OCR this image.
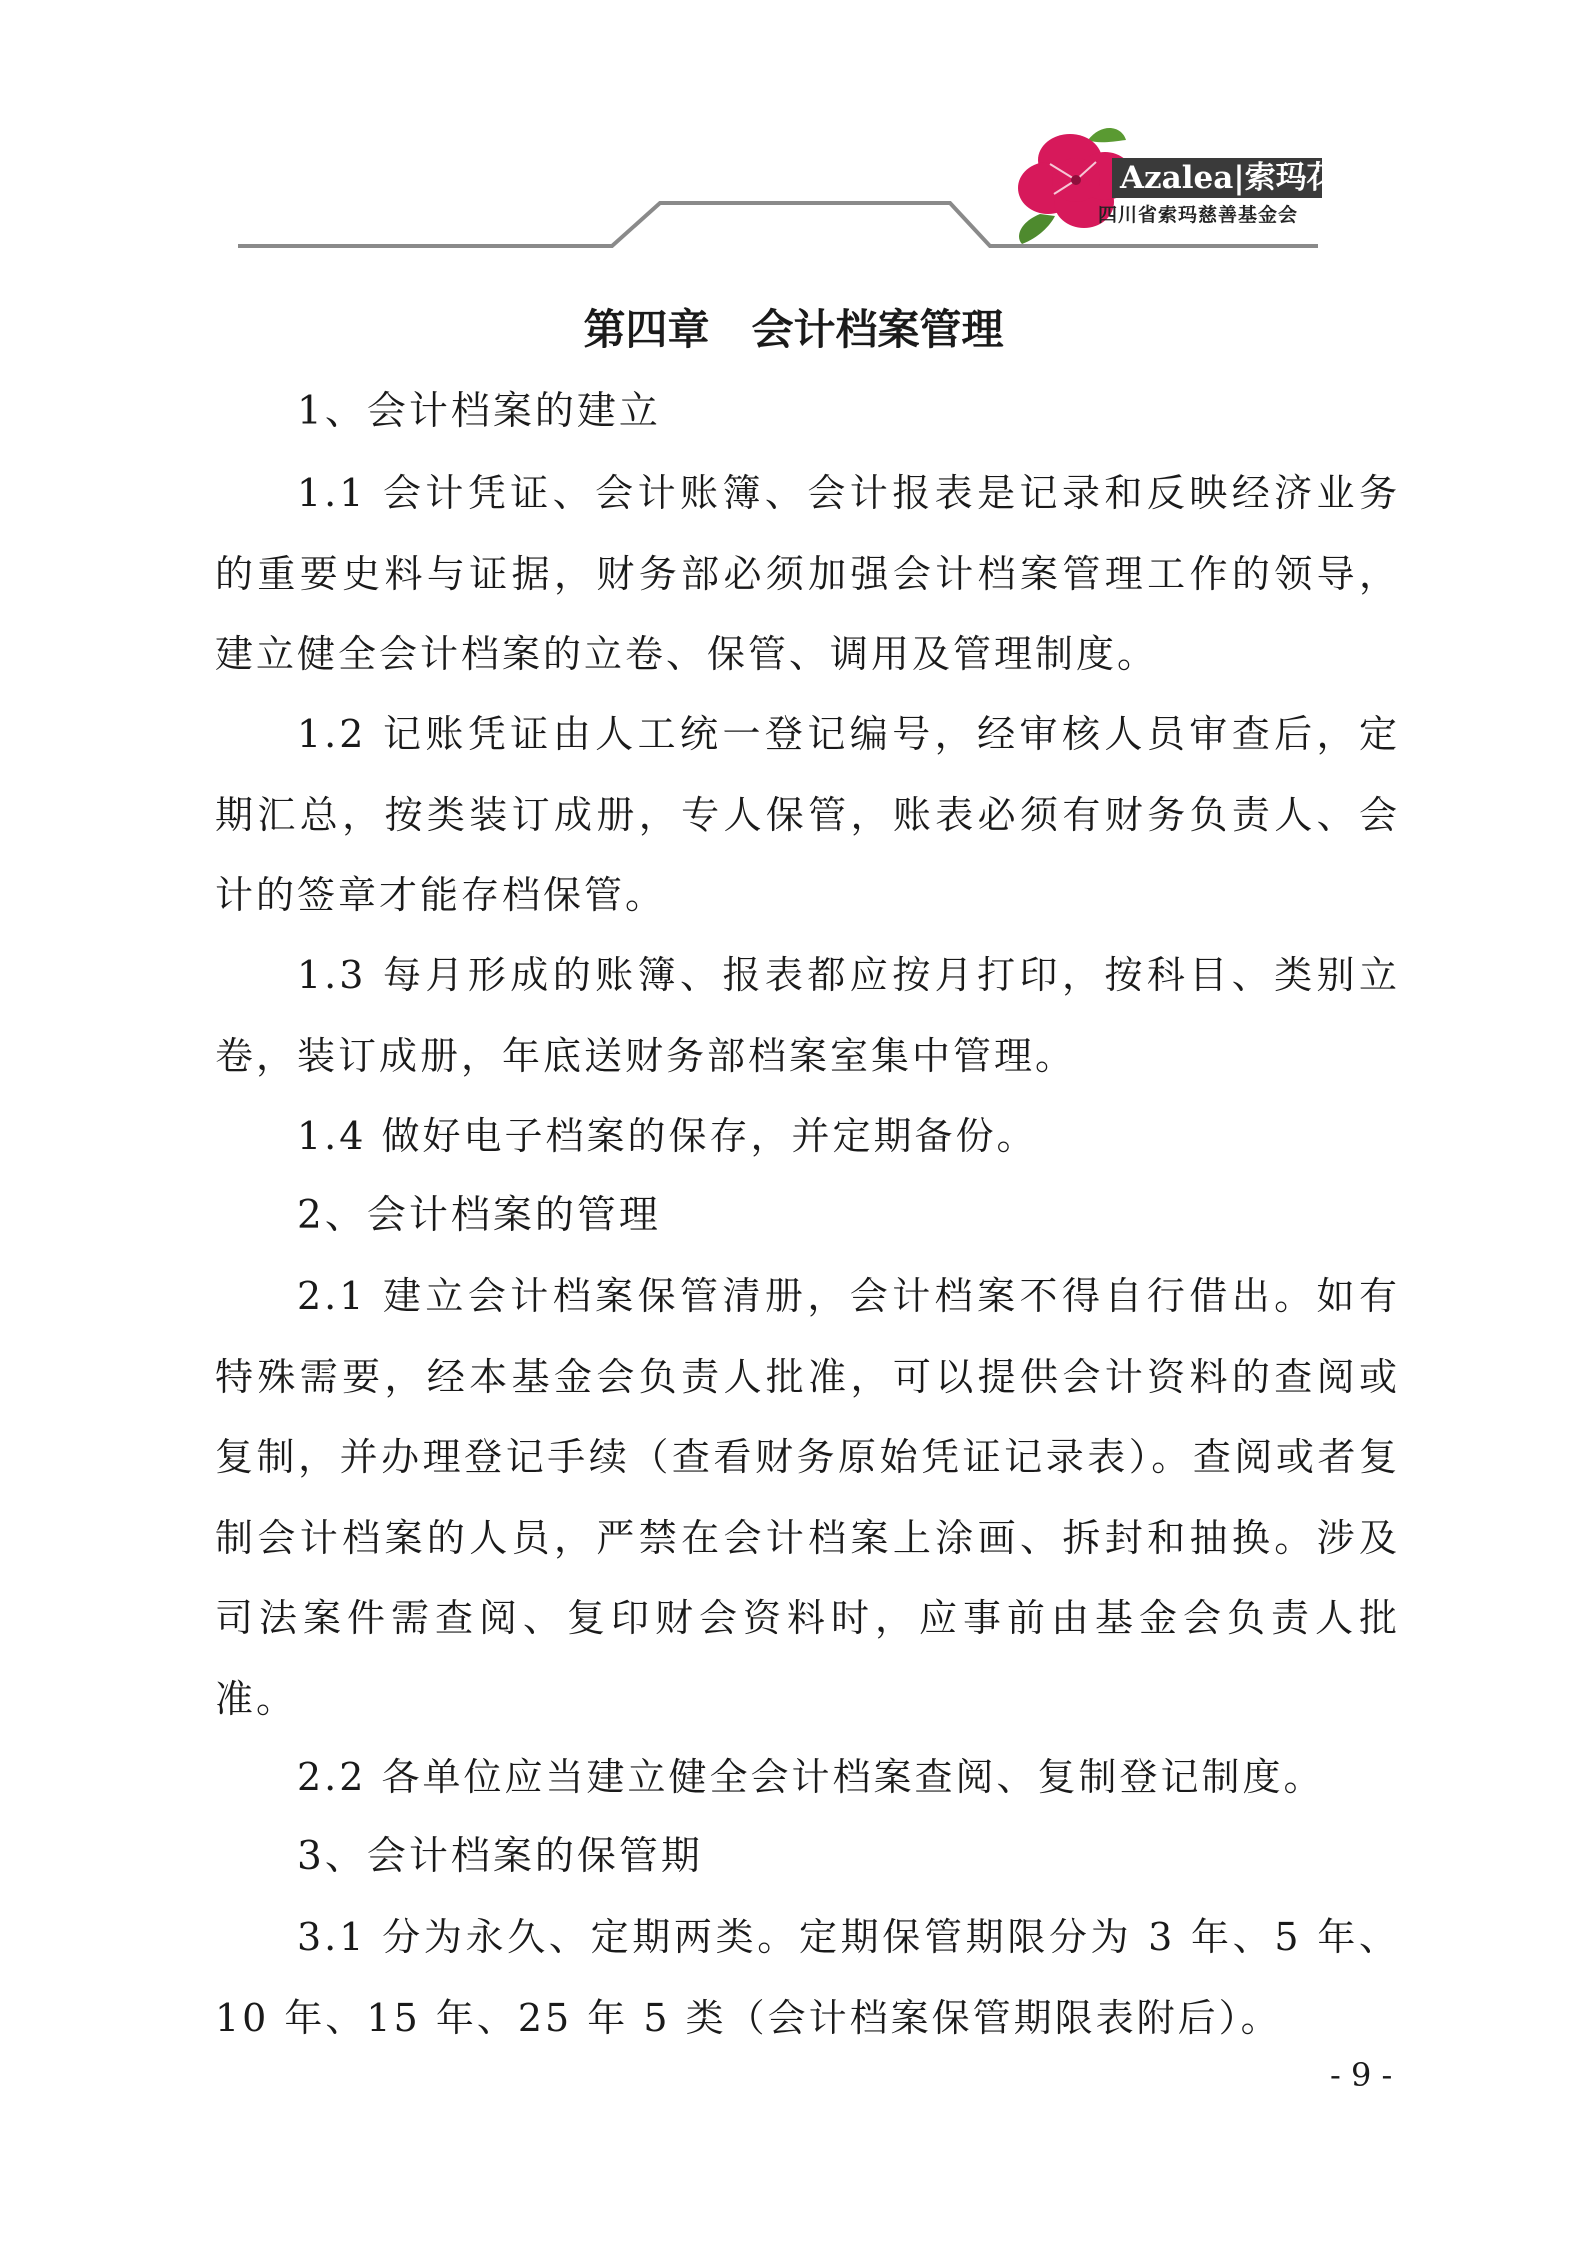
Azalea|索玛花
四川省索玛慈善基金会
第四章　会计档案管理
1、会计档案的建立
1.1 会计凭证、会计账簿、会计报表是记录和反映经济业务的重要史料与证据，财务部必须加强会计档案管理工作的领导，建立健全会计档案的立卷、保管、调用及管理制度。
1.2 记账凭证由人工统一登记编号，经审核人员审查后，定期汇总，按类装订成册，专人保管，账表必须有财务负责人、会计的签章才能存档保管。
1.3 每月形成的账簿、报表都应按月打印，按科目、类别立卷，装订成册，年底送财务部档案室集中管理。
1.4 做好电子档案的保存，并定期备份。
2、会计档案的管理
2.1 建立会计档案保管清册，会计档案不得自行借出。如有特殊需要，经本基金会负责人批准，可以提供会计资料的查阅或复制，并办理登记手续（查看财务原始凭证记录表）。查阅或者复制会计档案的人员，严禁在会计档案上涂画、拆封和抽换。涉及司法案件需查阅、复印财会资料时，应事前由基金会负责人批准。
2.2 各单位应当建立健全会计档案查阅、复制登记制度。
3、会计档案的保管期
3.1 分为永久、定期两类。定期保管期限分为 3 年、5 年、10 年、15 年、25 年 5 类（会计档案保管期限表附后）。
- 9 -
